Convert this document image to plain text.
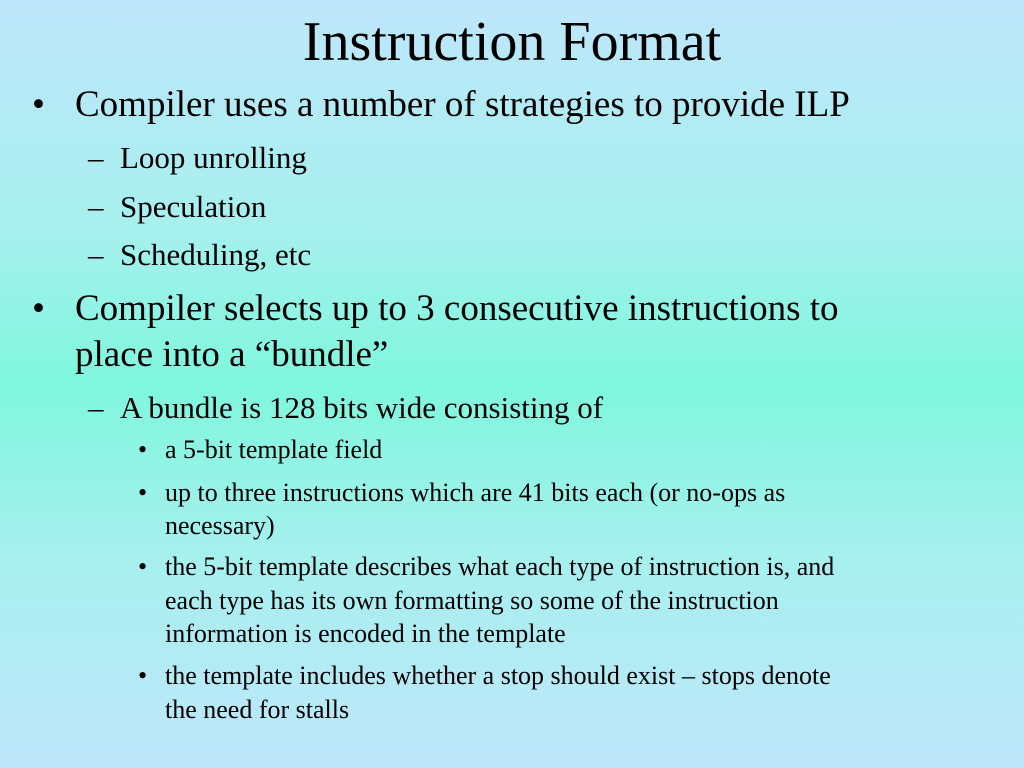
Instruction Format
• Compiler uses a number of strategies to provide ILP
– Loop unrolling
– Speculation
– Scheduling, etc
• Compiler selects up to 3 consecutive instructions to
place into a “bundle”
– A bundle is 128 bits wide consisting of
• a 5-bit template field
• up to three instructions which are 41 bits each (or no-ops as
necessary)
• the 5-bit template describes what each type of instruction is, and
each type has its own formatting so some of the instruction
information is encoded in the template
• the template includes whether a stop should exist – stops denote
the need for stalls
